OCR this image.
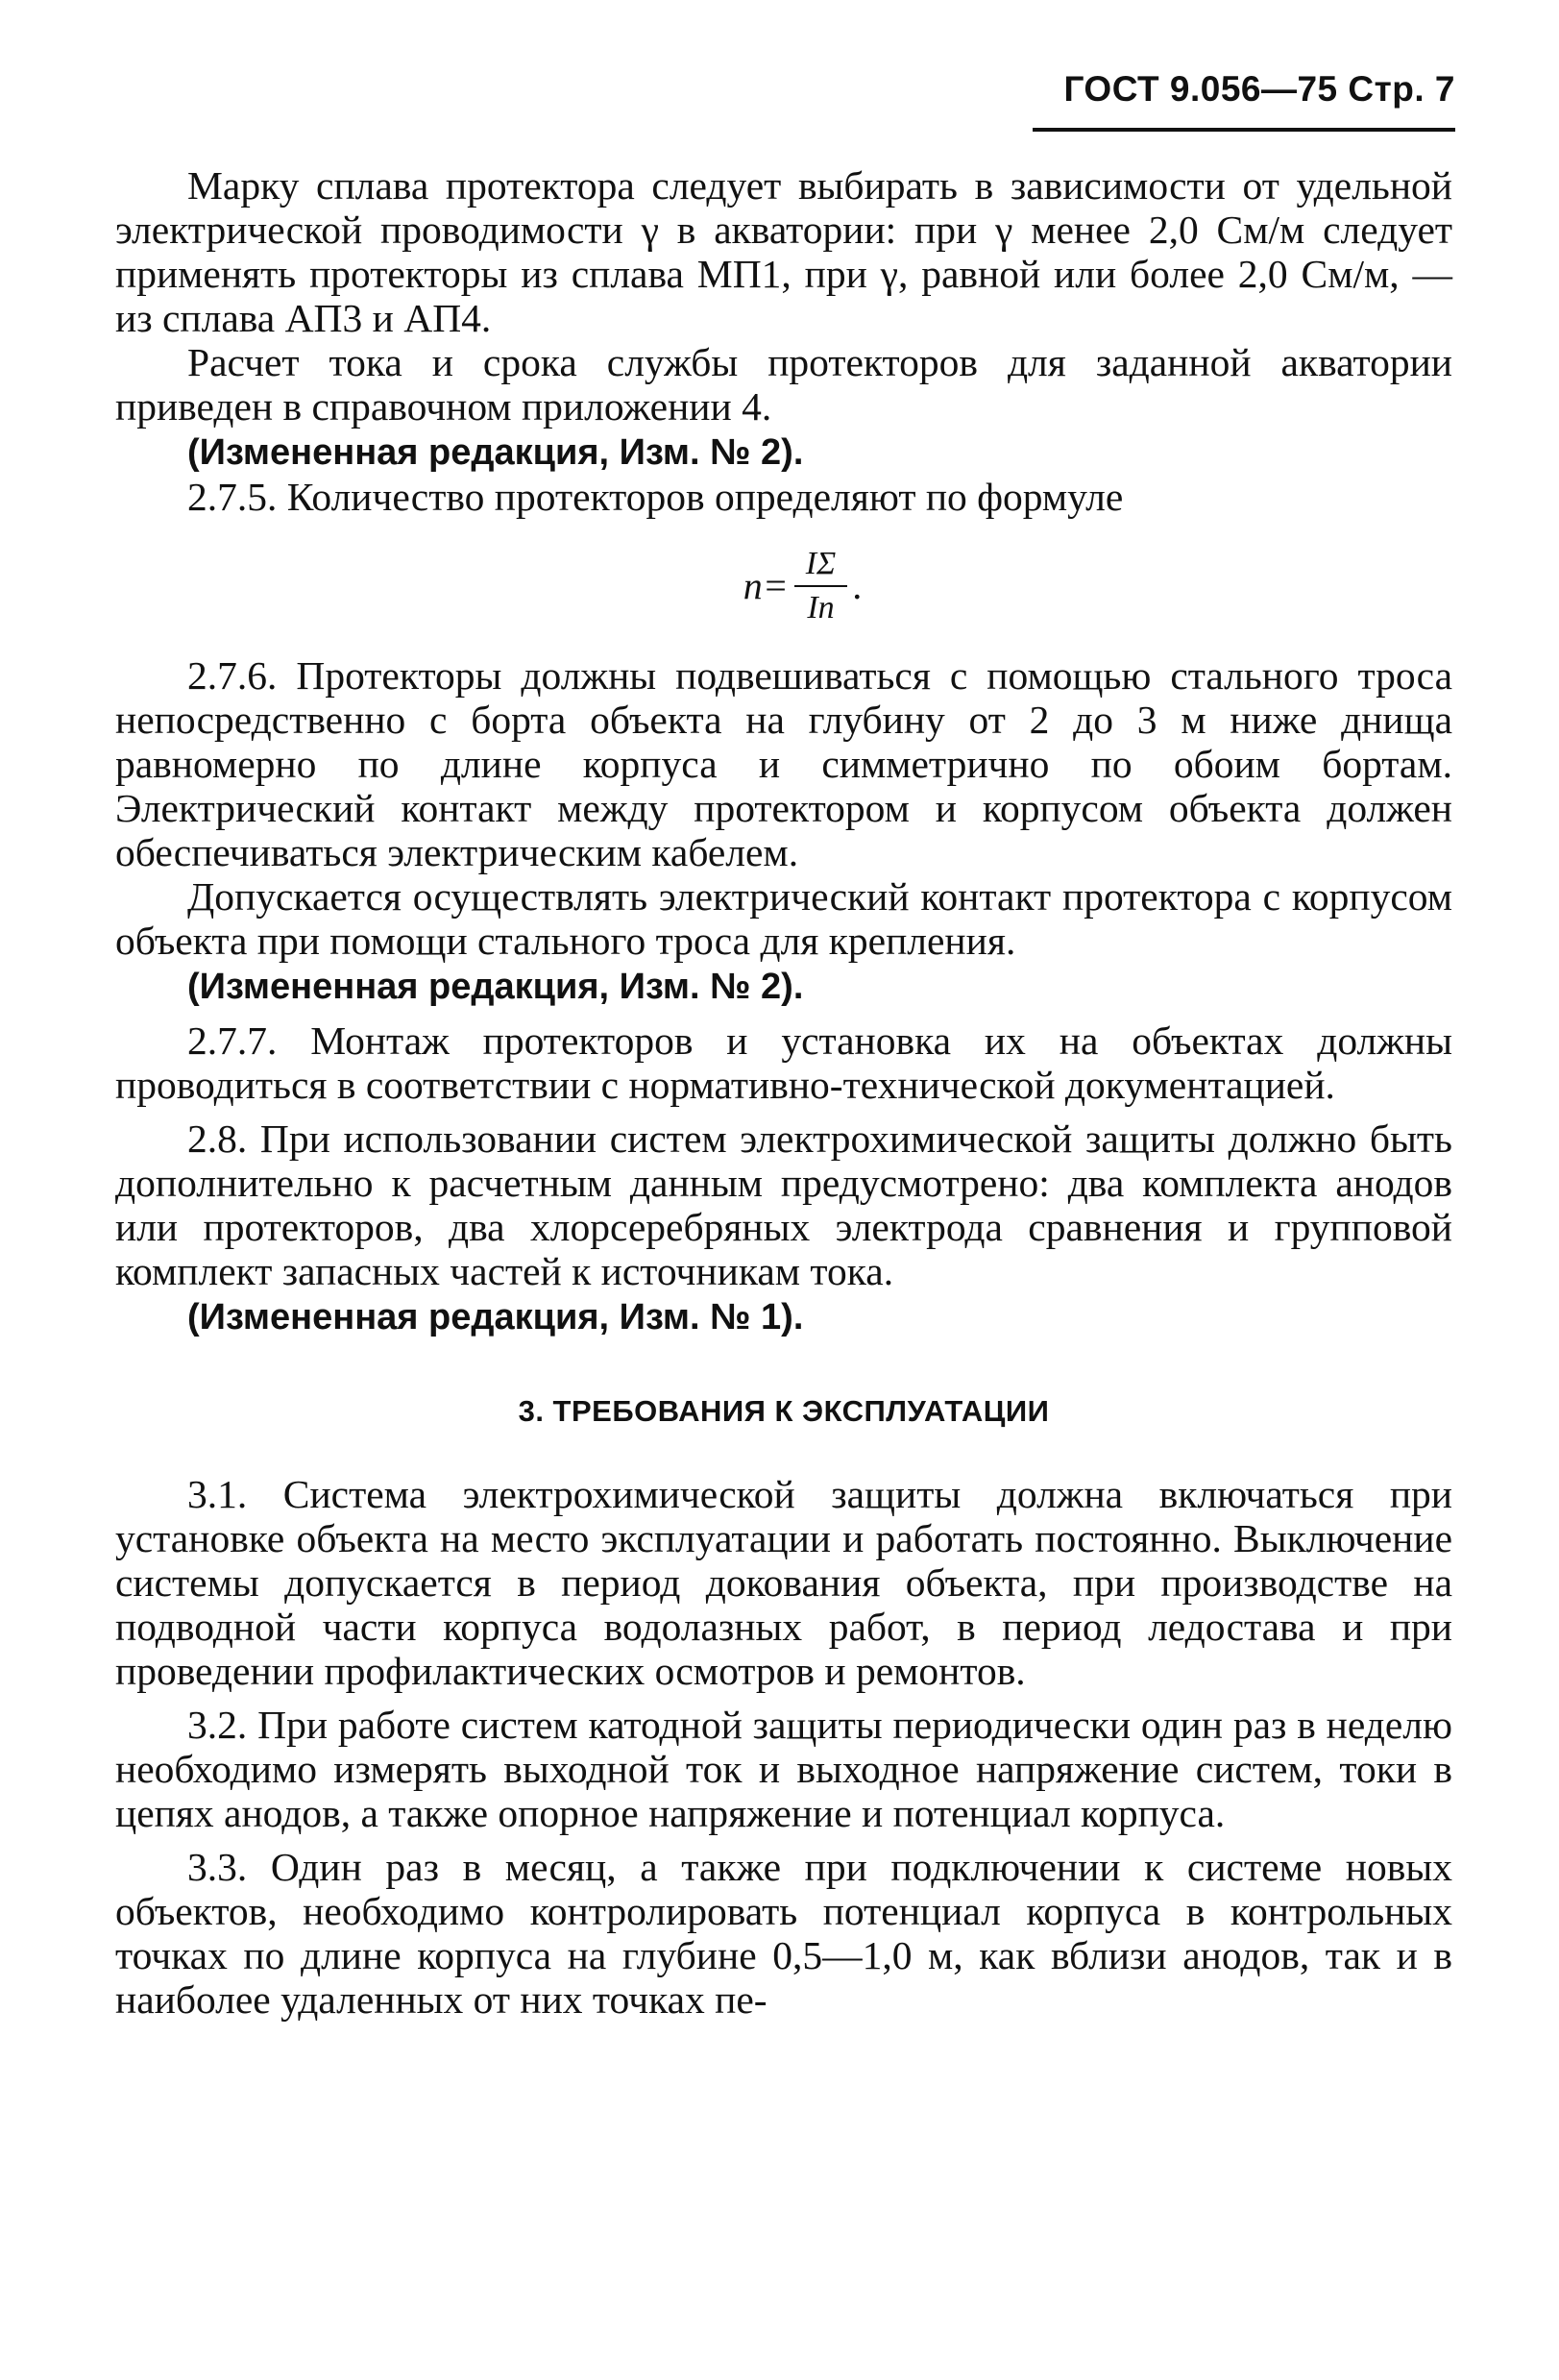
ГОСТ 9.056—75 Стр. 7

Марку сплава протектора следует выбирать в зависимости от удельной электрической проводимости γ в акватории: при γ менее 2,0 См/м следует применять протекторы из сплава МП1, при γ, равной или более 2,0 См/м, — из сплава АП3 и АП4.

Расчет тока и срока службы протекторов для заданной акватории приведен в справочном приложении 4.

(Измененная редакция, Изм. № 2).

2.7.5. Количество протекторов определяют по формуле

$n= \frac{I\Sigma}{Iп}$ .

2.7.6. Протекторы должны подвешиваться с помощью стального троса непосредственно с борта объекта на глубину от 2 до 3 м ниже днища равномерно по длине корпуса и симметрично по обоим бортам. Электрический контакт между протектором и корпусом объекта должен обеспечиваться электрическим кабелем.

Допускается осуществлять электрический контакт протектора с корпусом объекта при помощи стального троса для крепления.

(Измененная редакция, Изм. № 2).

2.7.7. Монтаж протекторов и установка их на объектах должны проводиться в соответствии с нормативно-технической документацией.

2.8. При использовании систем электрохимической защиты должно быть дополнительно к расчетным данным предусмотрено: два комплекта анодов или протекторов, два хлорсеребряных электрода сравнения и групповой комплект запасных частей к источникам тока.

(Измененная редакция, Изм. № 1).

3. ТРЕБОВАНИЯ К ЭКСПЛУАТАЦИИ

3.1. Система электрохимической защиты должна включаться при установке объекта на место эксплуатации и работать постоянно. Выключение системы допускается в период докования объекта, при производстве на подводной части корпуса водолазных работ, в период ледостава и при проведении профилактических осмотров и ремонтов.

3.2. При работе систем катодной защиты периодически один раз в неделю необходимо измерять выходной ток и выходное напряжение систем, токи в цепях анодов, а также опорное напряжение и потенциал корпуса.

3.3. Один раз в месяц, а также при подключении к системе новых объектов, необходимо контролировать потенциал корпуса в контрольных точках по длине корпуса на глубине 0,5—1,0 м, как вблизи анодов, так и в наиболее удаленных от них точках пе-
